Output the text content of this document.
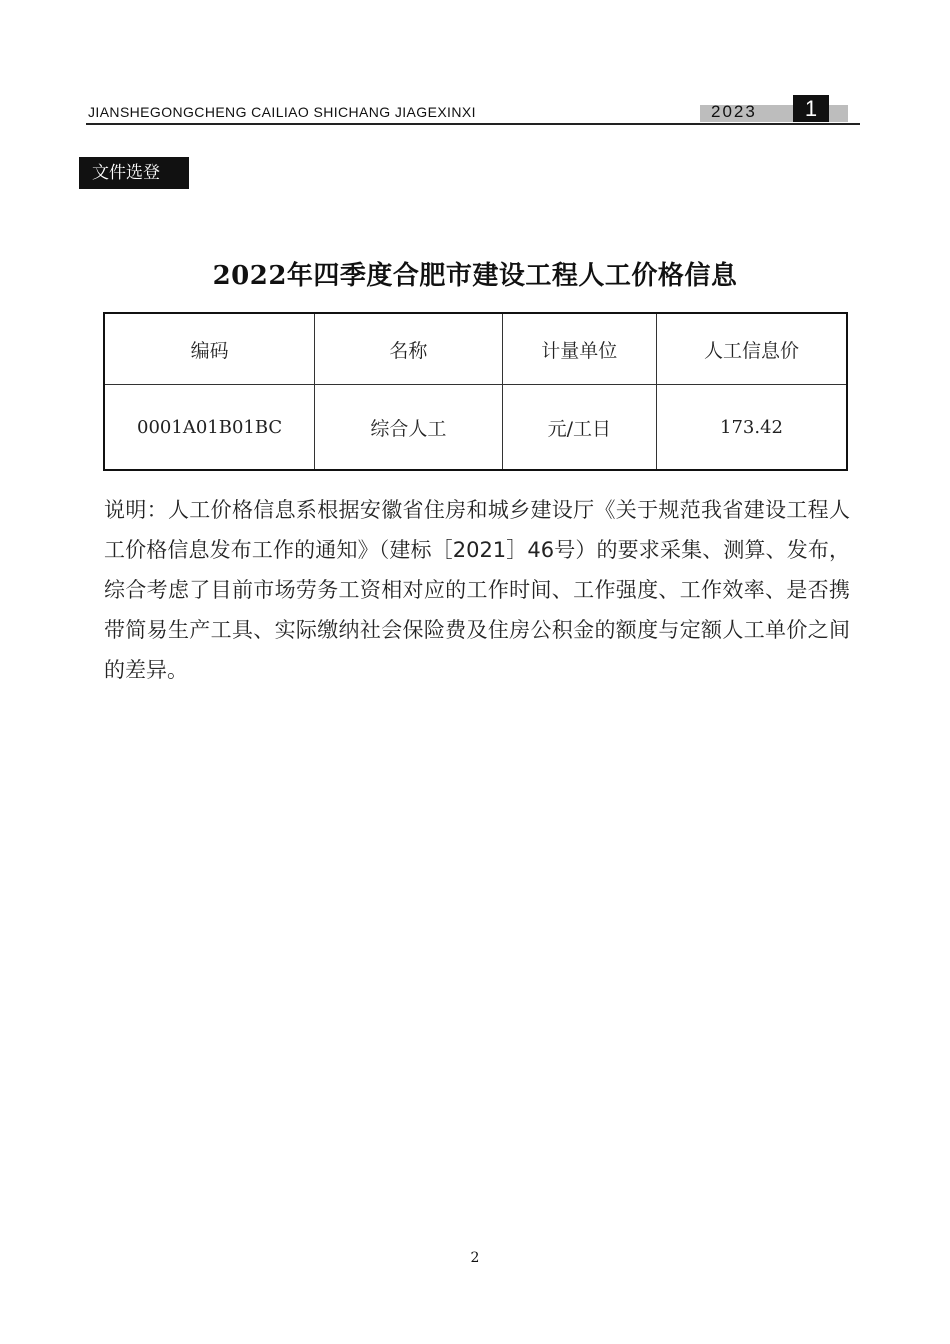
JIANSHEGONGCHENG CAILIAO SHICHANG JIAGEXINXI	2023	1
文件选登
2022年四季度合肥市建设工程人工价格信息
编码	名称	计量单位	人工信息价
0001A01B01BC	综合人工	元/工日	173.42
说明：人工价格信息系根据安徽省住房和城乡建设厅《关于规范我省建设工程人工价格信息发布工作的通知》（建标［2021］46号）的要求采集、测算、发布，综合考虑了目前市场劳务工资相对应的工作时间、工作强度、工作效率、是否携带简易生产工具、实际缴纳社会保险费及住房公积金的额度与定额人工单价之间的差异。
2
